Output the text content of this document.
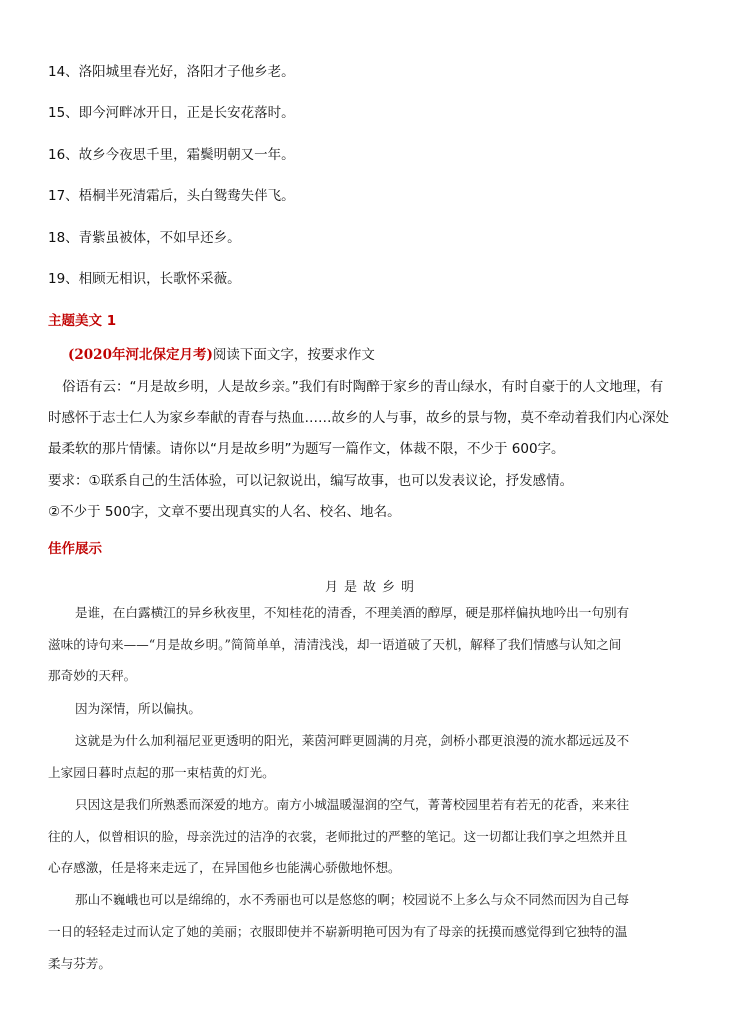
14、洛阳城里春光好，洛阳才子他乡老。
15、即今河畔冰开日，正是长安花落时。
16、故乡今夜思千里，霜鬓明朝又一年。
17、梧桐半死清霜后，头白鸳鸯失伴飞。
18、青紫虽被体，不如早还乡。
19、相顾无相识，长歌怀采薇。
主题美文 1
(2020年河北保定月考)阅读下面文字，按要求作文
俗语有云：“月是故乡明，人是故乡亲。”我们有时陶醉于家乡的青山绿水，有时自豪于的人文地理，有
时感怀于志士仁人为家乡奉献的青春与热血……故乡的人与事，故乡的景与物，莫不牵动着我们内心深处
最柔软的那片情愫。请你以“月是故乡明”为题写一篇作文，体裁不限，不少于 600字。
要求：①联系自己的生活体验，可以记叙说出，编写故事，也可以发表议论，抒发感情。
②不少于 500字，文章不要出现真实的人名、校名、地名。
佳作展示
月是故乡明
是谁，在白露横江的异乡秋夜里，不知桂花的清香，不理美酒的醇厚，硬是那样偏执地吟出一句别有
滋味的诗句来——“月是故乡明。”简简单单，清清浅浅，却一语道破了天机，解释了我们情感与认知之间
那奇妙的天秤。
因为深情，所以偏执。
这就是为什么加利福尼亚更透明的阳光，莱茵河畔更圆满的月亮，剑桥小郡更浪漫的流水都远远及不
上家园日暮时点起的那一束桔黄的灯光。
只因这是我们所熟悉而深爱的地方。南方小城温暖湿润的空气，菁菁校园里若有若无的花香，来来往
往的人，似曾相识的脸，母亲洗过的洁净的衣裳，老师批过的严整的笔记。这一切都让我们享之坦然并且
心存感激，任是将来走远了，在异国他乡也能满心骄傲地怀想。
那山不巍峨也可以是绵绵的，水不秀丽也可以是悠悠的啊；校园说不上多么与众不同然而因为自己每
一日的轻轻走过而认定了她的美丽；衣服即使并不崭新明艳可因为有了母亲的抚摸而感觉得到它独特的温
柔与芬芳。
